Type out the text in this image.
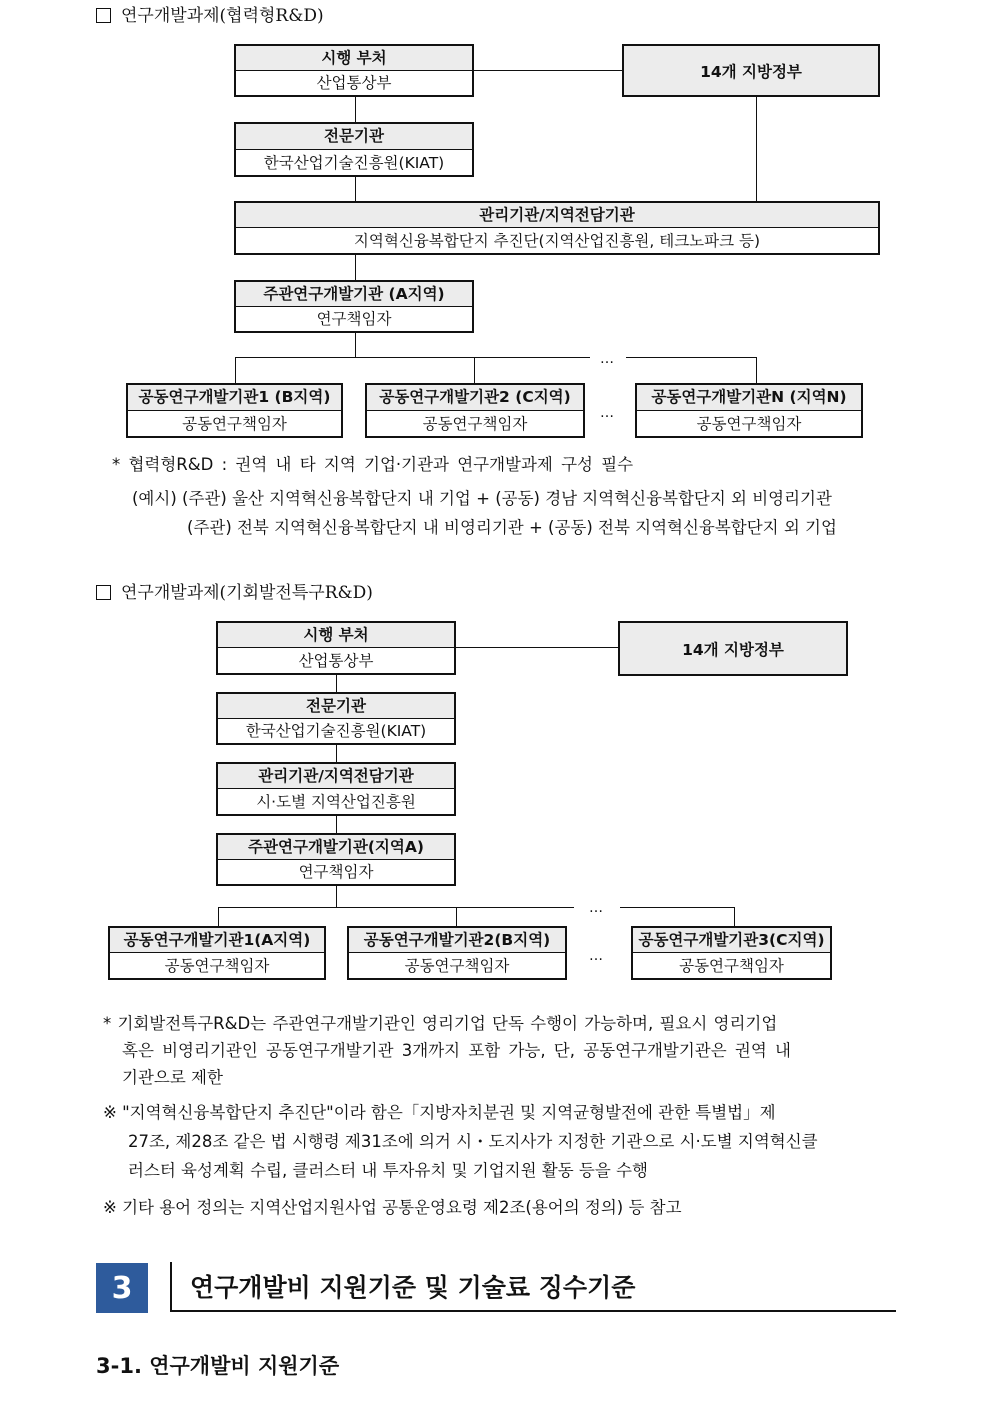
연구개발과제(협력형R&D)
…
…
시행 부처
산업통상부
14개 지방정부
전문기관
한국산업기술진흥원(KIAT)
관리기관/지역전담기관
지역혁신융복합단지 추진단(지역산업진흥원, 테크노파크 등)
주관연구개발기관 (A지역)
연구책임자
공동연구개발기관1 (B지역)
공동연구책임자
공동연구개발기관2 (C지역)
공동연구책임자
공동연구개발기관N (지역N)
공동연구책임자
* 협력형R&D : 권역 내 타 지역 기업·기관과 연구개발과제 구성 필수
(예시) (주관) 울산 지역혁신융복합단지 내 기업 + (공동) 경남 지역혁신융복합단지 외 비영리기관
(주관) 전북 지역혁신융복합단지 내 비영리기관 + (공동) 전북 지역혁신융복합단지 외 기업
연구개발과제(기회발전특구R&D)
…
…
시행 부처
산업통상부
14개 지방정부
전문기관
한국산업기술진흥원(KIAT)
관리기관/지역전담기관
시·도별 지역산업진흥원
주관연구개발기관(지역A)
연구책임자
공동연구개발기관1(A지역)
공동연구책임자
공동연구개발기관2(B지역)
공동연구책임자
공동연구개발기관3(C지역)
공동연구책임자
* 기회발전특구R&D는 주관연구개발기관인 영리기업 단독 수행이 가능하며, 필요시 영리기업
혹은 비영리기관인 공동연구개발기관 3개까지 포함 가능, 단, 공동연구개발기관은 권역 내
기관으로 제한
※ "지역혁신융복합단지 추진단"이라 함은「지방자치분권 및 지역균형발전에 관한 특별법」제
27조, 제28조 같은 법 시행령 제31조에 의거 시・도지사가 지정한 기관으로 시·도별 지역혁신클
러스터 육성계획 수립, 클러스터 내 투자유치 및 기업지원 활동 등을 수행
※ 기타 용어 정의는 지역산업지원사업 공통운영요령 제2조(용어의 정의) 등 참고
3	연구개발비 지원기준 및 기술료 징수기준
3-1. 연구개발비 지원기준
